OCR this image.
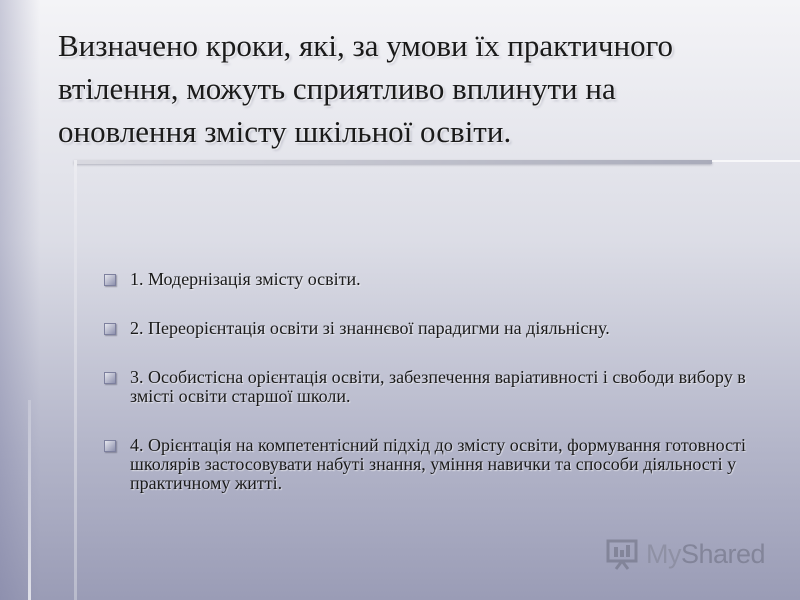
Визначено кроки, які, за умови їх практичного втілення, можуть сприятливо вплинути на оновлення змісту шкільної освіти.
1. Модернізація змісту освіти.
2. Переорієнтація освіти зі знаннєвої парадигми на діяльнісну.
3. Особистісна орієнтація освіти, забезпечення варіативності і свободи вибору в змісті освіти старшої школи.
4. Орієнтація на компетентісний підхід до змісту освіти, формування готовності школярів застосовувати набуті знання, уміння навички та способи діяльності у практичному житті.
MyShared
